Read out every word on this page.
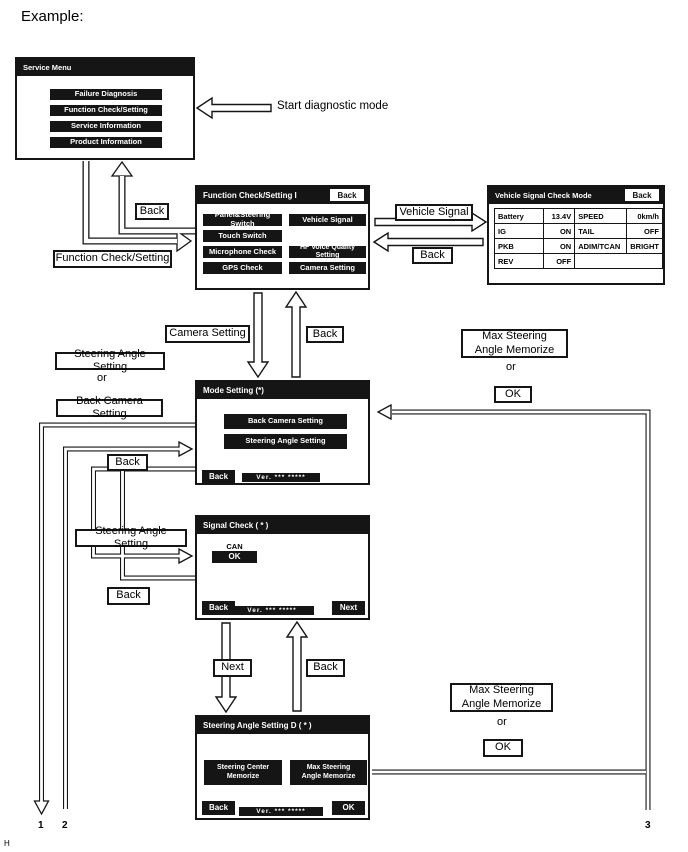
Example:
Service Menu
Failure Diagnosis
Function Check/Setting
Service Information
Product Information
Function Check/Setting I	Back
Panel&Steering Switch
Touch Switch
Microphone Check
GPS Check
Vehicle Signal
HF Voice Quality Setting
Camera Setting
Vehicle Signal Check Mode	Back
Battery	13.4V	SPEED	0km/h
IG	ON	TAIL	OFF
PKB	ON	ADIM/TCAN	BRIGHT
REV	OFF		
Mode Setting (*)
Back Camera Setting
Steering Angle Setting
Back	Ver. *** *****
Signal Check ( * )
CAN
OK
Back	Ver. *** *****	Next
Steering Angle Setting D ( * )
Steering Center
Memorize
Max Steering
Angle Memorize
Back	Ver. *** *****	OK
Start diagnostic mode
Back
Function Check/Setting
Vehicle Signal
Back
Camera Setting	Back
Steering Angle Setting
or
Back Camera Setting
Max Steering
Angle Memorize
or
OK
Back
Steering Angle Setting
Back
Next	Back
Max Steering
Angle Memorize
or
OK
1 2	3
H
